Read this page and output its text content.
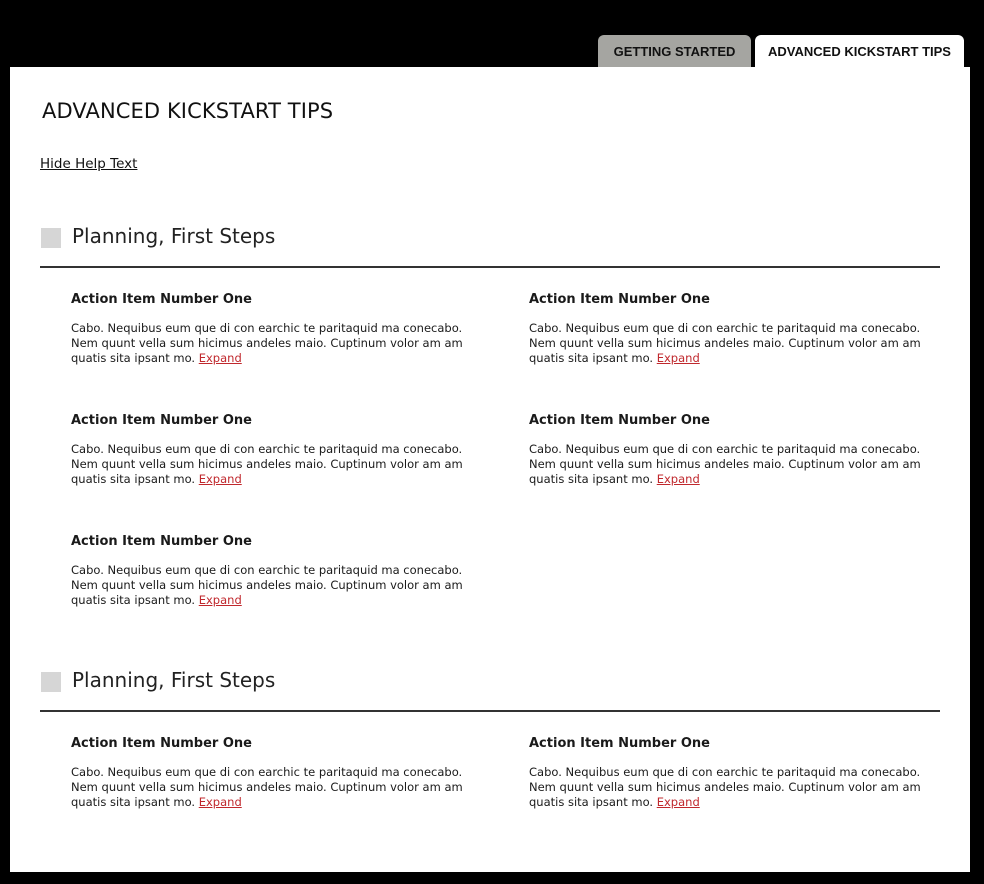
GETTING STARTED	ADVANCED KICKSTART TIPS
ADVANCED KICKSTART TIPS
Hide Help Text
Planning, First Steps
Action Item Number One

Cabo. Nequibus eum que di con earchic te paritaquid ma conecabo.
Nem quunt vella sum hicimus andeles maio. Cuptinum volor am am
quatis sita ipsant mo. Expand

Action Item Number One

Cabo. Nequibus eum que di con earchic te paritaquid ma conecabo.
Nem quunt vella sum hicimus andeles maio. Cuptinum volor am am
quatis sita ipsant mo. Expand

Action Item Number One

Cabo. Nequibus eum que di con earchic te paritaquid ma conecabo.
Nem quunt vella sum hicimus andeles maio. Cuptinum volor am am
quatis sita ipsant mo. Expand

Action Item Number One

Cabo. Nequibus eum que di con earchic te paritaquid ma conecabo.
Nem quunt vella sum hicimus andeles maio. Cuptinum volor am am
quatis sita ipsant mo. Expand

Action Item Number One

Cabo. Nequibus eum que di con earchic te paritaquid ma conecabo.
Nem quunt vella sum hicimus andeles maio. Cuptinum volor am am
quatis sita ipsant mo. Expand

Planning, First Steps
Action Item Number One

Cabo. Nequibus eum que di con earchic te paritaquid ma conecabo.
Nem quunt vella sum hicimus andeles maio. Cuptinum volor am am
quatis sita ipsant mo. Expand

Action Item Number One

Cabo. Nequibus eum que di con earchic te paritaquid ma conecabo.
Nem quunt vella sum hicimus andeles maio. Cuptinum volor am am
quatis sita ipsant mo. Expand
